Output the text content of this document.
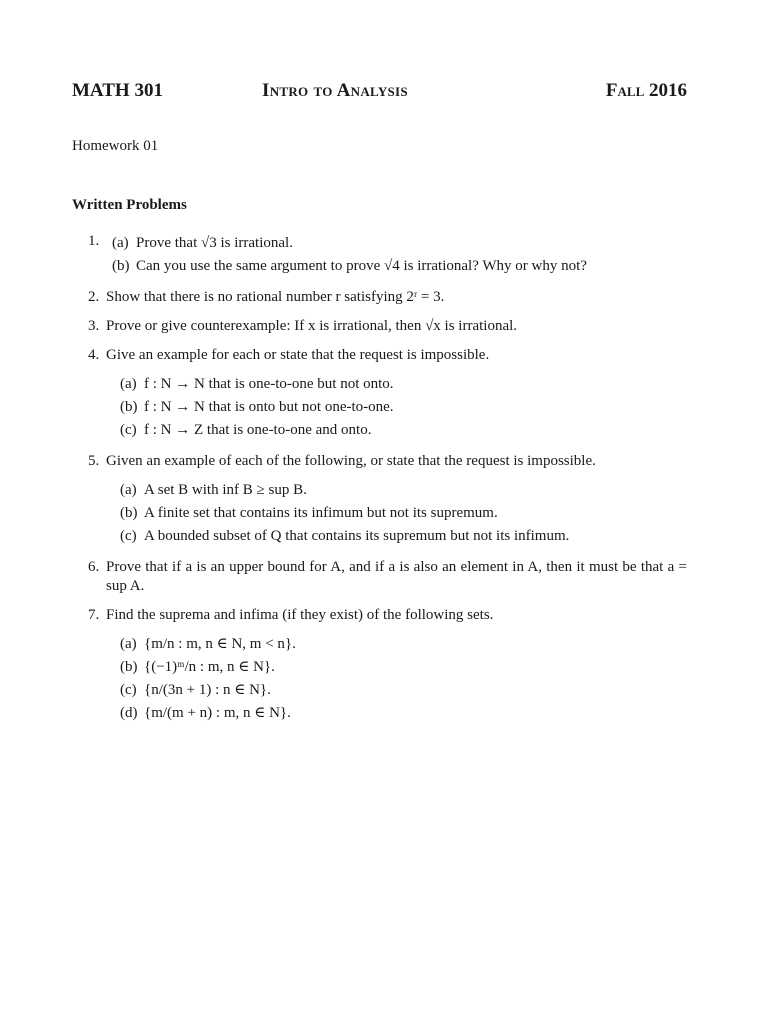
MATH 301	Intro to Analysis	Fall 2016
Homework 01
Written Problems
1. (a) Prove that √3 is irrational.
(b) Can you use the same argument to prove √4 is irrational? Why or why not?
2. Show that there is no rational number r satisfying 2ʳ = 3.
3. Prove or give counterexample: If x is irrational, then √x is irrational.
4. Give an example for each or state that the request is impossible.
(a) f : N → N that is one-to-one but not onto.
(b) f : N → N that is onto but not one-to-one.
(c) f : N → Z that is one-to-one and onto.
5. Given an example of each of the following, or state that the request is impossible.
(a) A set B with inf B ≥ sup B.
(b) A finite set that contains its infimum but not its supremum.
(c) A bounded subset of Q that contains its supremum but not its infimum.
6. Prove that if a is an upper bound for A, and if a is also an element in A, then it must be that a = sup A.
7. Find the suprema and infima (if they exist) of the following sets.
(a) {m/n : m, n ∈ N, m < n}.
(b) {(−1)ᵐ/n : m, n ∈ N}.
(c) {n/(3n + 1) : n ∈ N}.
(d) {m/(m + n) : m, n ∈ N}.
